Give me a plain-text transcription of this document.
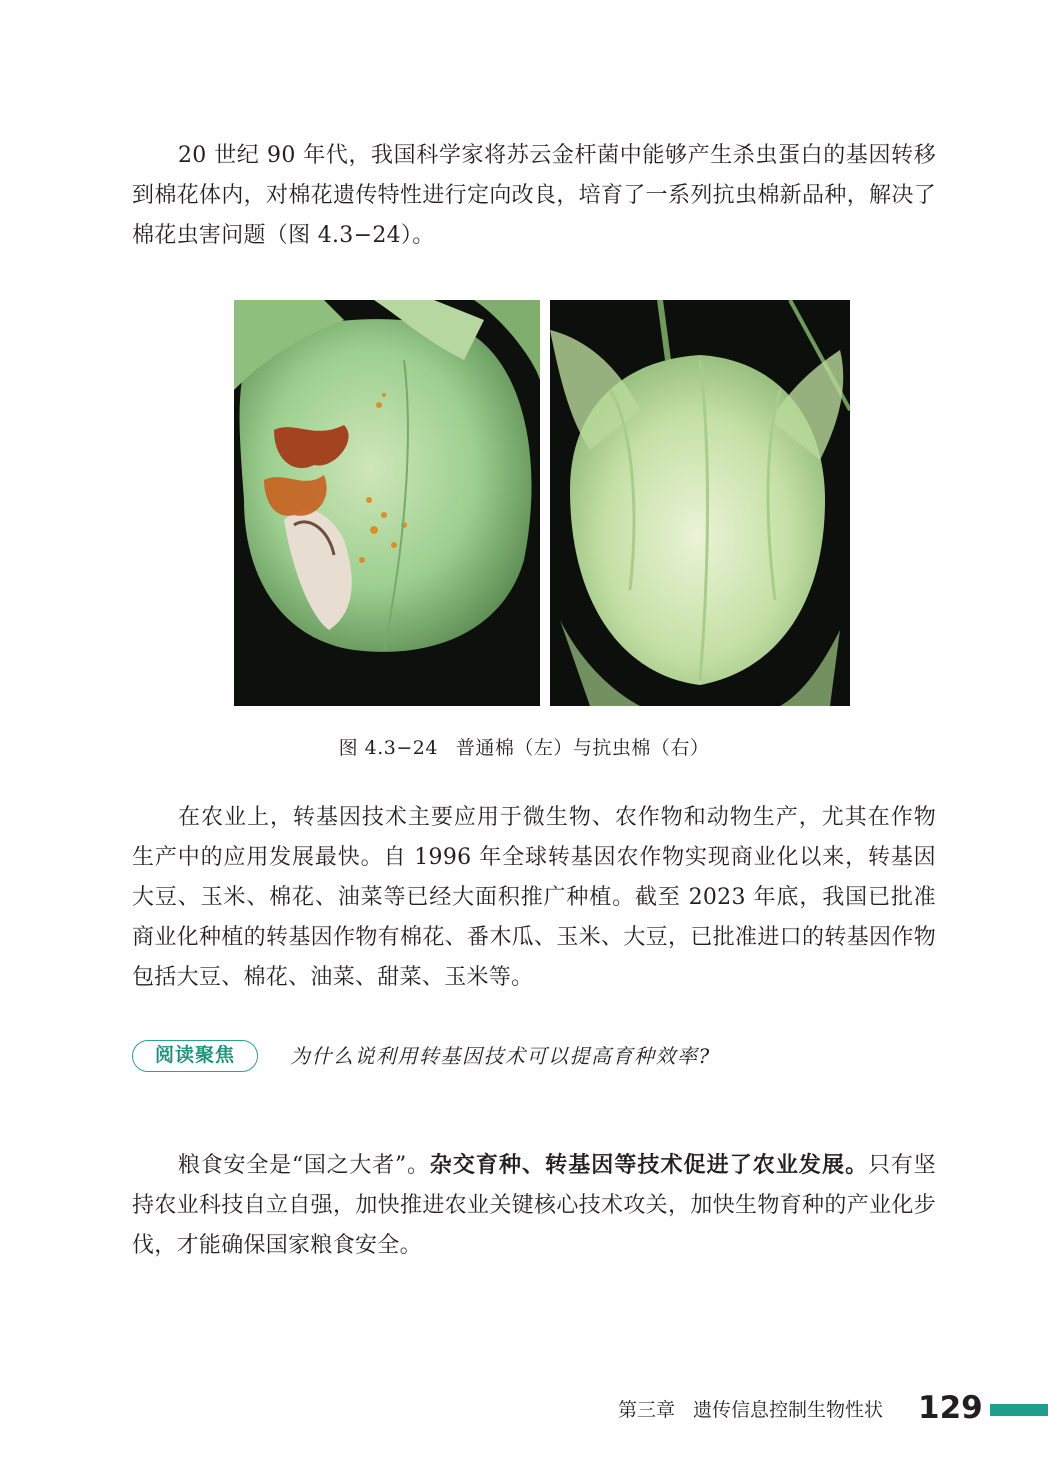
20 世纪 90 年代，我国科学家将苏云金杆菌中能够产生杀虫蛋白的基因转移到棉花体内，对棉花遗传特性进行定向改良，培育了一系列抗虫棉新品种，解决了棉花虫害问题（图 4.3−24）。

图 4.3−24 普通棉（左）与抗虫棉（右）

在农业上，转基因技术主要应用于微生物、农作物和动物生产，尤其在作物生产中的应用发展最快。自 1996 年全球转基因农作物实现商业化以来，转基因大豆、玉米、棉花、油菜等已经大面积推广种植。截至 2023 年底，我国已批准商业化种植的转基因作物有棉花、番木瓜、玉米、大豆，已批准进口的转基因作物包括大豆、棉花、油菜、甜菜、玉米等。

阅读聚焦	为什么说利用转基因技术可以提高育种效率?

粮食安全是“国之大者”。杂交育种、转基因等技术促进了农业发展。只有坚持农业科技自立自强，加快推进农业关键核心技术攻关，加快生物育种的产业化步伐，才能确保国家粮食安全。

第三章 遗传信息控制生物性状 129
